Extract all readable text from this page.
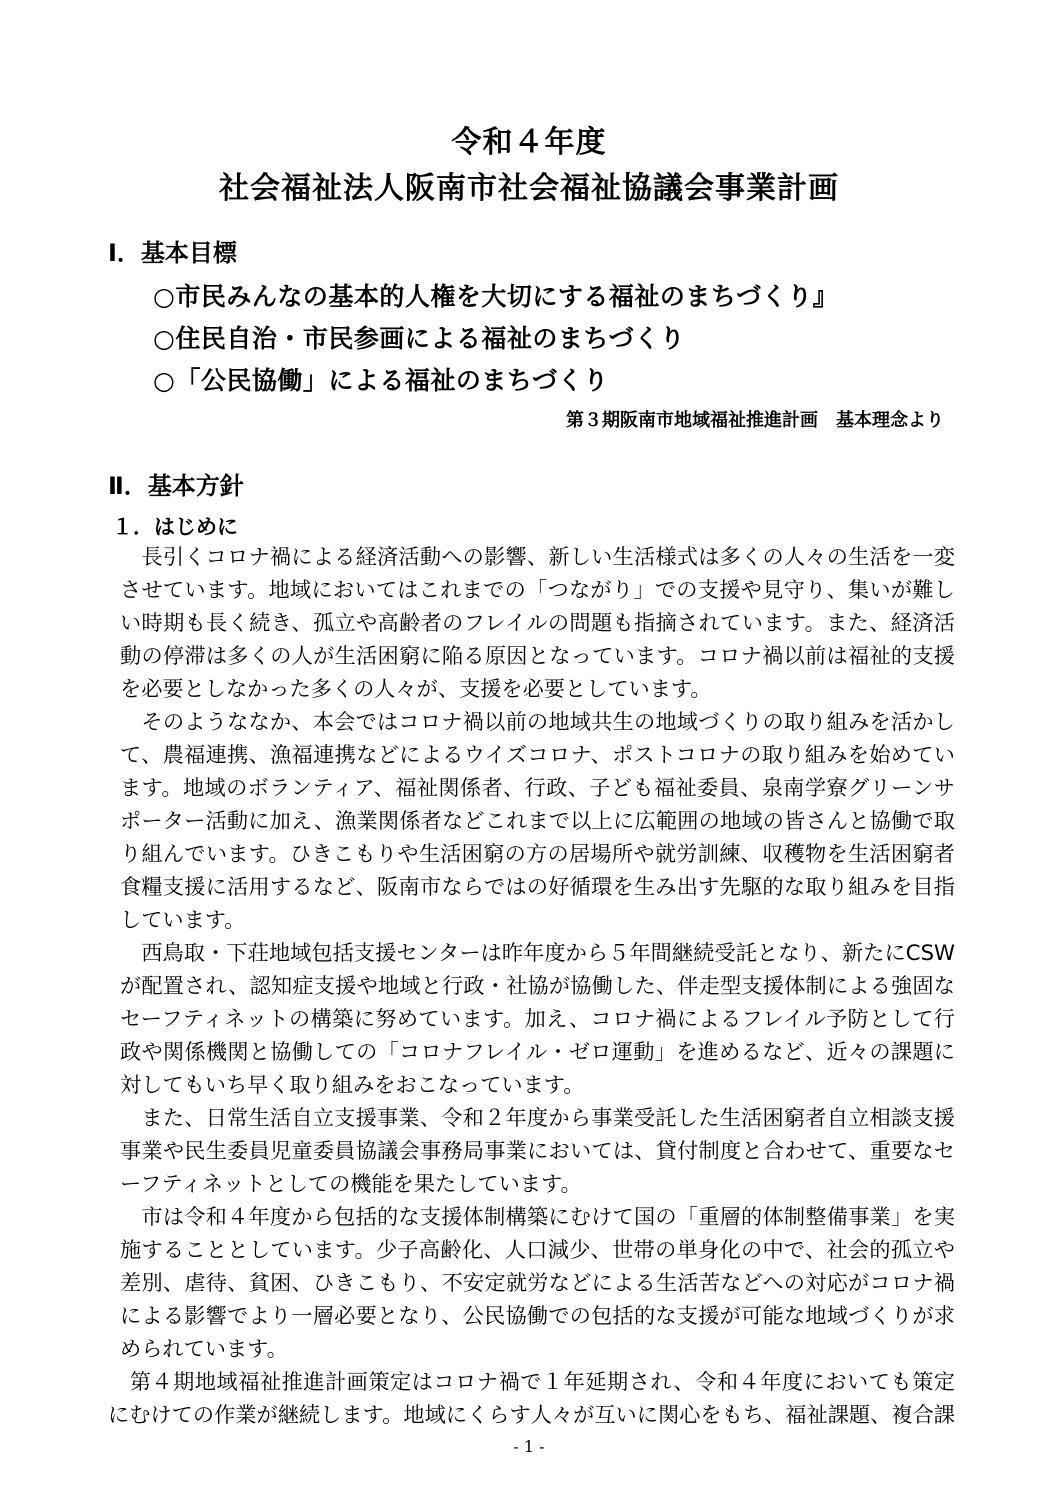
令和４年度
社会福祉法人阪南市社会福祉協議会事業計画
Ⅰ．基本目標
○市民みんなの基本的人権を大切にする福祉のまちづくり』
○住民自治・市民参画による福祉のまちづくり
○「公民協働」による福祉のまちづくり
第３期阪南市地域福祉推進計画　基本理念より
Ⅱ．基本方針
１．はじめに
　長引くコロナ禍による経済活動への影響、新しい生活様式は多くの人々の生活を一変
させています。地域においてはこれまでの「つながり」での支援や見守り、集いが難し
い時期も長く続き、孤立や高齢者のフレイルの問題も指摘されています。また、経済活
動の停滞は多くの人が生活困窮に陥る原因となっています。コロナ禍以前は福祉的支援
を必要としなかった多くの人々が、支援を必要としています。
　そのようななか、本会ではコロナ禍以前の地域共生の地域づくりの取り組みを活かし
て、農福連携、漁福連携などによるウイズコロナ、ポストコロナの取り組みを始めてい
ます。地域のボランティア、福祉関係者、行政、子ども福祉委員、泉南学寮グリーンサ
ポーター活動に加え、漁業関係者などこれまで以上に広範囲の地域の皆さんと協働で取
り組んでいます。ひきこもりや生活困窮の方の居場所や就労訓練、収穫物を生活困窮者
食糧支援に活用するなど、阪南市ならではの好循環を生み出す先駆的な取り組みを目指
しています。
　西鳥取・下荘地域包括支援センターは昨年度から５年間継続受託となり、新たにCSW
が配置され、認知症支援や地域と行政・社協が協働した、伴走型支援体制による強固な
セーフティネットの構築に努めています。加え、コロナ禍によるフレイル予防として行
政や関係機関と協働しての「コロナフレイル・ゼロ運動」を進めるなど、近々の課題に
対してもいち早く取り組みをおこなっています。
　また、日常生活自立支援事業、令和２年度から事業受託した生活困窮者自立相談支援
事業や民生委員児童委員協議会事務局事業においては、貸付制度と合わせて、重要なセ
ーフティネットとしての機能を果たしています。
　市は令和４年度から包括的な支援体制構築にむけて国の「重層的体制整備事業」を実
施することとしています。少子高齢化、人口減少、世帯の単身化の中で、社会的孤立や
差別、虐待、貧困、ひきこもり、不安定就労などによる生活苦などへの対応がコロナ禍
による影響でより一層必要となり、公民協働での包括的な支援が可能な地域づくりが求
められています。
　第４期地域福祉推進計画策定はコロナ禍で１年延期され、令和４年度においても策定
にむけての作業が継続します。地域にくらす人々が互いに関心をもち、福祉課題、複合課
- 1 -
